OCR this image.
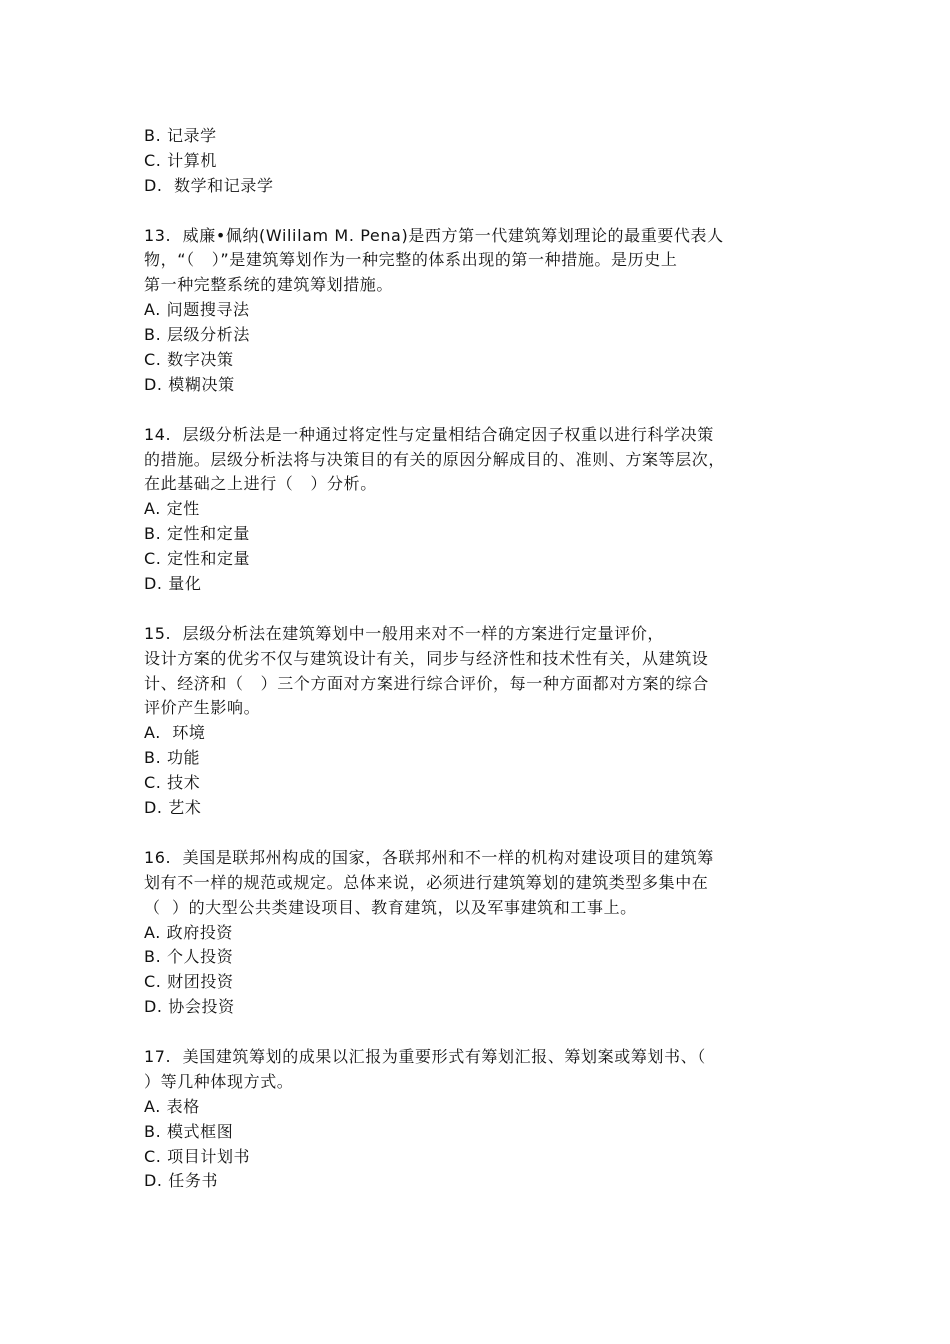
B. 记录学
C. 计算机
D.  数学和记录学
13.  威廉•佩纳(Wililam M. Pena)是西方第一代建筑筹划理论的最重要代表人
物，“（   ）”是建筑筹划作为一种完整的体系出现的第一种措施。是历史上
第一种完整系统的建筑筹划措施。
A. 问题搜寻法
B. 层级分析法
C. 数字决策
D. 模糊决策
14.  层级分析法是一种通过将定性与定量相结合确定因子权重以进行科学决策
的措施。层级分析法将与决策目的有关的原因分解成目的、准则、方案等层次，
在此基础之上进行（   ）分析。
A. 定性
B. 定性和定量
C. 定性和定量
D. 量化
15.  层级分析法在建筑筹划中一般用来对不一样的方案进行定量评价，
设计方案的优劣不仅与建筑设计有关，同步与经济性和技术性有关，从建筑设
计、经济和（   ）三个方面对方案进行综合评价，每一种方面都对方案的综合
评价产生影响。
A.  环境
B. 功能
C. 技术
D. 艺术
16.  美国是联邦州构成的国家，各联邦州和不一样的机构对建设项目的建筑筹
划有不一样的规范或规定。总体来说，必须进行建筑筹划的建筑类型多集中在
（  ）的大型公共类建设项目、教育建筑，以及军事建筑和工事上。
A. 政府投资
B. 个人投资
C. 财团投资
D. 协会投资
17.  美国建筑筹划的成果以汇报为重要形式有筹划汇报、筹划案或筹划书、（
）等几种体现方式。
A. 表格
B. 模式框图
C. 项目计划书
D. 任务书
